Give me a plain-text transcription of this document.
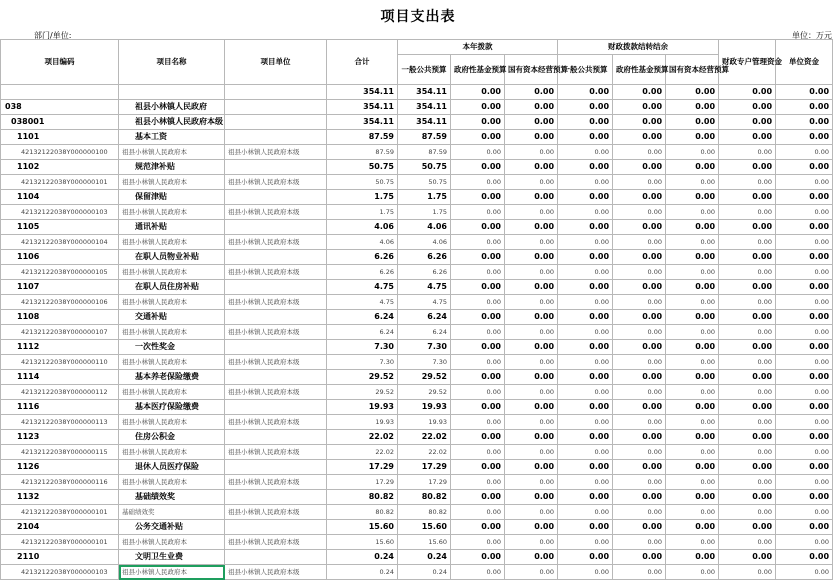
项目支出表
部门/单位:	单位：万元
项目编码	项目名称	项目单位	合计	本年拨款			财政拨款结转结余			财政专户管理资金	单位资金
				一般公共预算	政府性基金预算	国有资本经营预算	一般公共预算	政府性基金预算	国有资本经营预算		
			354.11	354.11	0.00	0.00	0.00	0.00	0.00	0.00	0.00
038	祖县小林镇人民政府		354.11	354.11	0.00	0.00	0.00	0.00	0.00	0.00	0.00
038001	祖县小林镇人民政府本级		354.11	354.11	0.00	0.00	0.00	0.00	0.00	0.00	0.00
1101	基本工资		87.59	87.59	0.00	0.00	0.00	0.00	0.00	0.00	0.00
42132122038Y000000100	祖县小林镇人民政府本	祖县小林镇人民政府本级	87.59	87.59	0.00	0.00	0.00	0.00	0.00	0.00	0.00
1102	规范津补贴		50.75	50.75	0.00	0.00	0.00	0.00	0.00	0.00	0.00
42132122038Y000000101	祖县小林镇人民政府本	祖县小林镇人民政府本级	50.75	50.75	0.00	0.00	0.00	0.00	0.00	0.00	0.00
1104	保留津贴		1.75	1.75	0.00	0.00	0.00	0.00	0.00	0.00	0.00
42132122038Y000000103	祖县小林镇人民政府本	祖县小林镇人民政府本级	1.75	1.75	0.00	0.00	0.00	0.00	0.00	0.00	0.00
1105	通讯补贴		4.06	4.06	0.00	0.00	0.00	0.00	0.00	0.00	0.00
42132122038Y000000104	祖县小林镇人民政府本	祖县小林镇人民政府本级	4.06	4.06	0.00	0.00	0.00	0.00	0.00	0.00	0.00
1106	在职人员物业补贴		6.26	6.26	0.00	0.00	0.00	0.00	0.00	0.00	0.00
42132122038Y000000105	祖县小林镇人民政府本	祖县小林镇人民政府本级	6.26	6.26	0.00	0.00	0.00	0.00	0.00	0.00	0.00
1107	在职人员住房补贴		4.75	4.75	0.00	0.00	0.00	0.00	0.00	0.00	0.00
42132122038Y000000106	祖县小林镇人民政府本	祖县小林镇人民政府本级	4.75	4.75	0.00	0.00	0.00	0.00	0.00	0.00	0.00
1108	交通补贴		6.24	6.24	0.00	0.00	0.00	0.00	0.00	0.00	0.00
42132122038Y000000107	祖县小林镇人民政府本	祖县小林镇人民政府本级	6.24	6.24	0.00	0.00	0.00	0.00	0.00	0.00	0.00
1112	一次性奖金		7.30	7.30	0.00	0.00	0.00	0.00	0.00	0.00	0.00
42132122038Y000000110	祖县小林镇人民政府本	祖县小林镇人民政府本级	7.30	7.30	0.00	0.00	0.00	0.00	0.00	0.00	0.00
1114	基本养老保险缴费		29.52	29.52	0.00	0.00	0.00	0.00	0.00	0.00	0.00
42132122038Y000000112	祖县小林镇人民政府本	祖县小林镇人民政府本级	29.52	29.52	0.00	0.00	0.00	0.00	0.00	0.00	0.00
1116	基本医疗保险缴费		19.93	19.93	0.00	0.00	0.00	0.00	0.00	0.00	0.00
42132122038Y000000113	祖县小林镇人民政府本	祖县小林镇人民政府本级	19.93	19.93	0.00	0.00	0.00	0.00	0.00	0.00	0.00
1123	住房公积金		22.02	22.02	0.00	0.00	0.00	0.00	0.00	0.00	0.00
42132122038Y000000115	祖县小林镇人民政府本	祖县小林镇人民政府本级	22.02	22.02	0.00	0.00	0.00	0.00	0.00	0.00	0.00
1126	退休人员医疗保险		17.29	17.29	0.00	0.00	0.00	0.00	0.00	0.00	0.00
42132122038Y000000116	祖县小林镇人民政府本	祖县小林镇人民政府本级	17.29	17.29	0.00	0.00	0.00	0.00	0.00	0.00	0.00
1132	基础绩效奖		80.82	80.82	0.00	0.00	0.00	0.00	0.00	0.00	0.00
42132122038Y000000101	基础绩效奖	祖县小林镇人民政府本级	80.82	80.82	0.00	0.00	0.00	0.00	0.00	0.00	0.00
2104	公务交通补贴		15.60	15.60	0.00	0.00	0.00	0.00	0.00	0.00	0.00
42132122038Y000000101	祖县小林镇人民政府本	祖县小林镇人民政府本级	15.60	15.60	0.00	0.00	0.00	0.00	0.00	0.00	0.00
2110	文明卫生业费		0.24	0.24	0.00	0.00	0.00	0.00	0.00	0.00	0.00
42132122038Y000000103	祖县小林镇人民政府本	祖县小林镇人民政府本级	0.24	0.24	0.00	0.00	0.00	0.00	0.00	0.00	0.00
